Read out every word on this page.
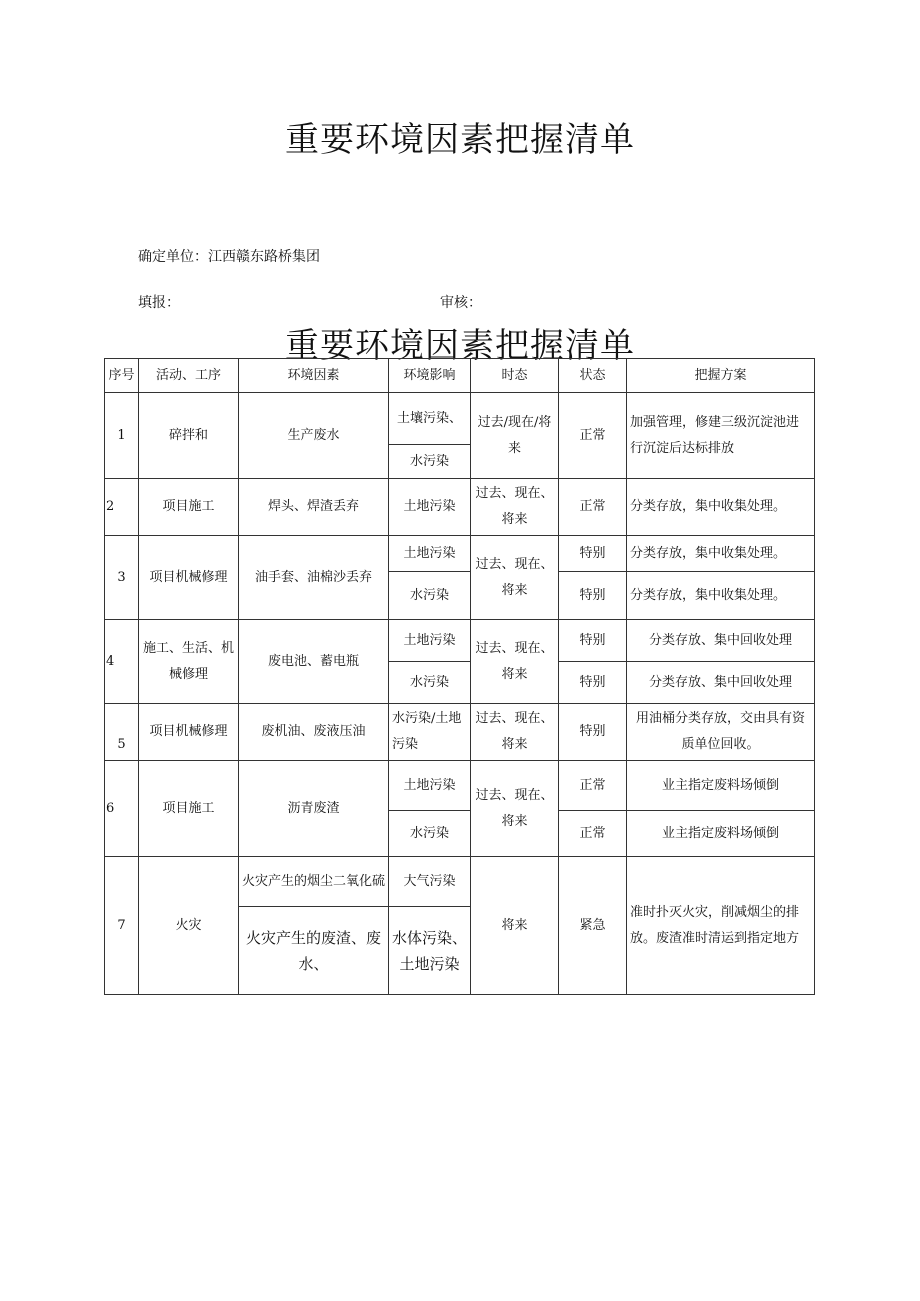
重要环境因素把握清单
确定单位：江西赣东路桥集团
填报：	审核：
重要环境因素把握清单
序号	活动、工序	环境因素	环境影响	时态	状态	把握方案
1	碎拌和	生产废水	土壤污染、	过去/现在/将来	正常	加强管理，修建三级沉淀池进行沉淀后达标排放
			水污染			
2	项目施工	焊头、焊渣丢弃	土地污染	过去、现在、将来	正常	分类存放，集中收集处理。
3	项目机械修理	油手套、油棉沙丢弃	土地污染	过去、现在、将来	特别	分类存放，集中收集处理。
			水污染		特别	分类存放，集中收集处理。
4	施工、生活、机械修理	废电池、蓄电瓶	土地污染	过去、现在、将来	特别	分类存放、集中回收处理
			水污染		特别	分类存放、集中回收处理
5	项目机械修理	废机油、废液压油	水污染/土地污染	过去、现在、将来	特别	用油桶分类存放，交由具有资质单位回收。
6	项目施工	沥青废渣	土地污染	过去、现在、将来	正常	业主指定废料场倾倒
			水污染		正常	业主指定废料场倾倒
7	火灾	火灾产生的烟尘二氧化硫	大气污染	将来	紧急	准时扑灭火灾，削减烟尘的排放。废渣准时清运到指定地方
		火灾产生的废渣、废水、	水体污染、土地污染			
